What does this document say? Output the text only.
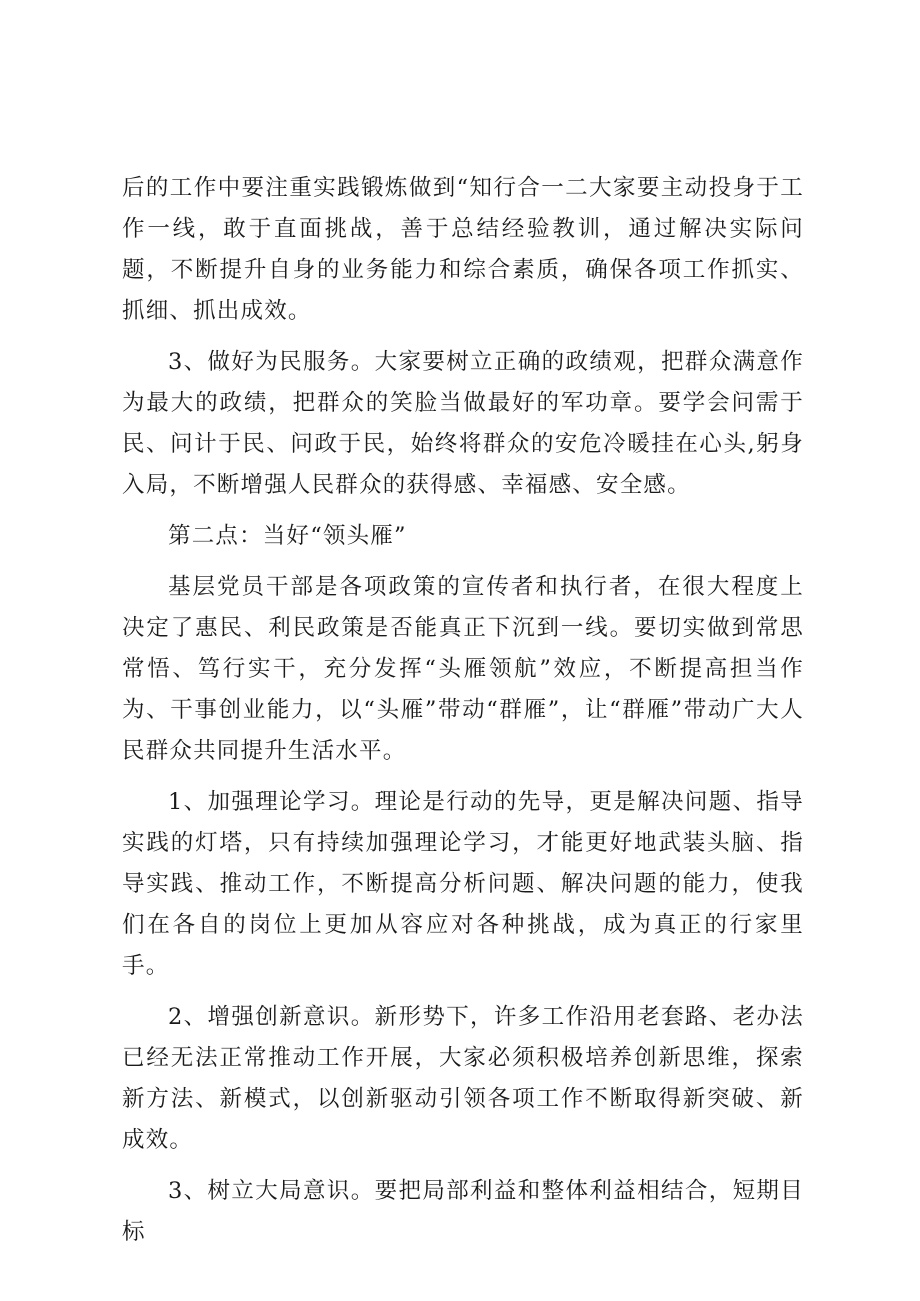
后的工作中要注重实践锻炼做到“知行合一二大家要主动投身于工作一线，敢于直面挑战，善于总结经验教训，通过解决实际问题，不断提升自身的业务能力和综合素质，确保各项工作抓实、抓细、抓出成效。

3、做好为民服务。大家要树立正确的政绩观，把群众满意作为最大的政绩，把群众的笑脸当做最好的军功章。要学会问需于民、问计于民、问政于民，始终将群众的安危冷暖挂在心头,躬身入局，不断增强人民群众的获得感、幸福感、安全感。

第二点：当好“领头雁”

基层党员干部是各项政策的宣传者和执行者，在很大程度上决定了惠民、利民政策是否能真正下沉到一线。要切实做到常思常悟、笃行实干，充分发挥“头雁领航”效应，不断提高担当作为、干事创业能力，以“头雁”带动“群雁”，让“群雁”带动广大人民群众共同提升生活水平。

1、加强理论学习。理论是行动的先导，更是解决问题、指导实践的灯塔，只有持续加强理论学习，才能更好地武装头脑、指导实践、推动工作，不断提高分析问题、解决问题的能力，使我们在各自的岗位上更加从容应对各种挑战，成为真正的行家里手。

2、增强创新意识。新形势下，许多工作沿用老套路、老办法已经无法正常推动工作开展，大家必须积极培养创新思维，探索新方法、新模式，以创新驱动引领各项工作不断取得新突破、新成效。

3、树立大局意识。要把局部利益和整体利益相结合，短期目标
